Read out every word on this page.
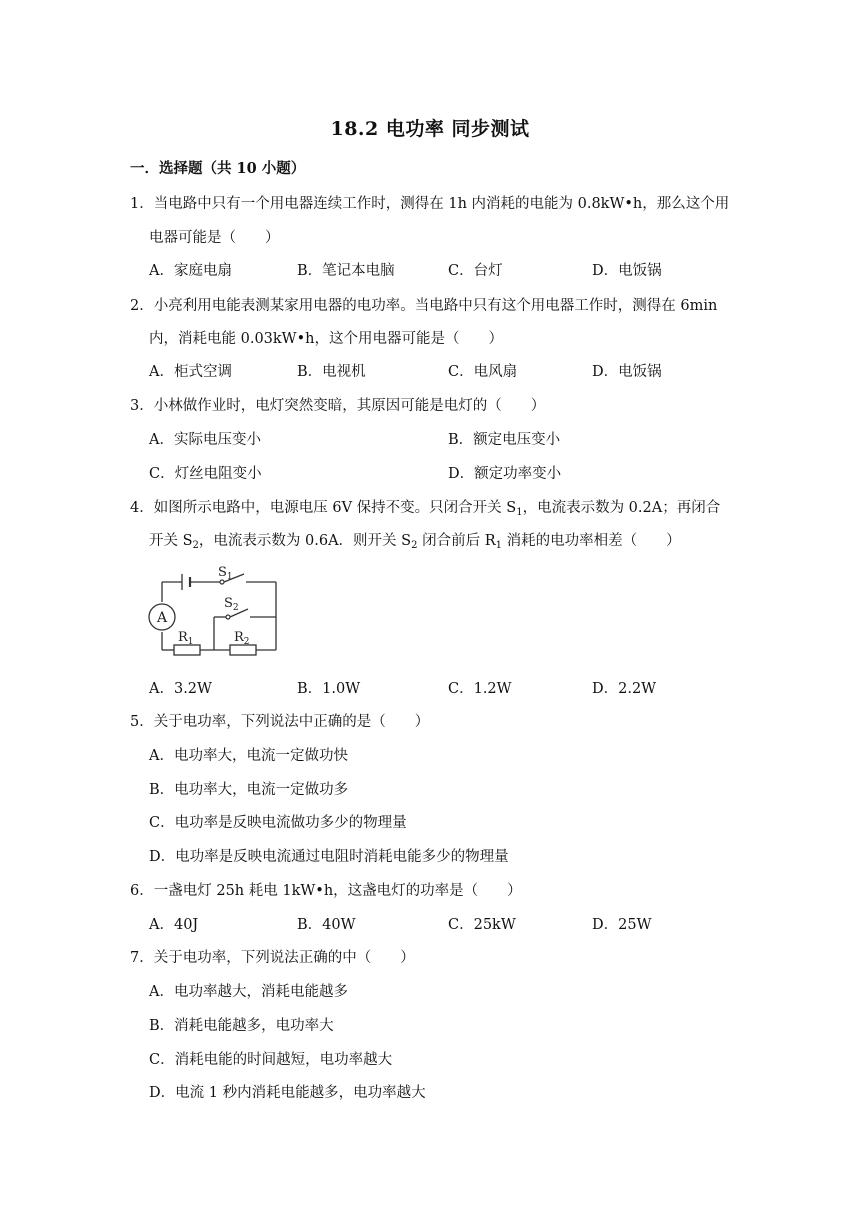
18.2 电功率 同步测试
一．选择题（共 10 小题）
1．当电路中只有一个用电器连续工作时，测得在 1h 内消耗的电能为 0.8kW•h，那么这个用
电器可能是（　　）
A．家庭电扇	B．笔记本电脑	C．台灯	D．电饭锅
2．小亮利用电能表测某家用电器的电功率。当电路中只有这个用电器工作时，测得在 6min
内，消耗电能 0.03kW•h，这个用电器可能是（　　）
A．柜式空调	B．电视机	C．电风扇	D．电饭锅
3．小林做作业时，电灯突然变暗，其原因可能是电灯的（　　）
A．实际电压变小	B．额定电压变小
C．灯丝电阻变小	D．额定功率变小
4．如图所示电路中，电源电压 6V 保持不变。只闭合开关 $S_1$，电流表示数为 0.2A；再闭合
开关 $S_2$，电流表示数为 0.6A．则开关 $S_2$ 闭合前后 $R_1$ 消耗的电功率相差（　　）
A
$S_1$
$S_2$
$R_1$	$R_2$
A．3.2W	B．1.0W	C．1.2W	D．2.2W
5．关于电功率，下列说法中正确的是（　　）
A．电功率大，电流一定做功快
B．电功率大，电流一定做功多
C．电功率是反映电流做功多少的物理量
D．电功率是反映电流通过电阻时消耗电能多少的物理量
6．一盏电灯 25h 耗电 1kW•h，这盏电灯的功率是（　　）
A．40J	B．40W	C．25kW	D．25W
7．关于电功率，下列说法正确的中（　　）
A．电功率越大，消耗电能越多
B．消耗电能越多，电功率大
C．消耗电能的时间越短，电功率越大
D．电流 1 秒内消耗电能越多，电功率越大
